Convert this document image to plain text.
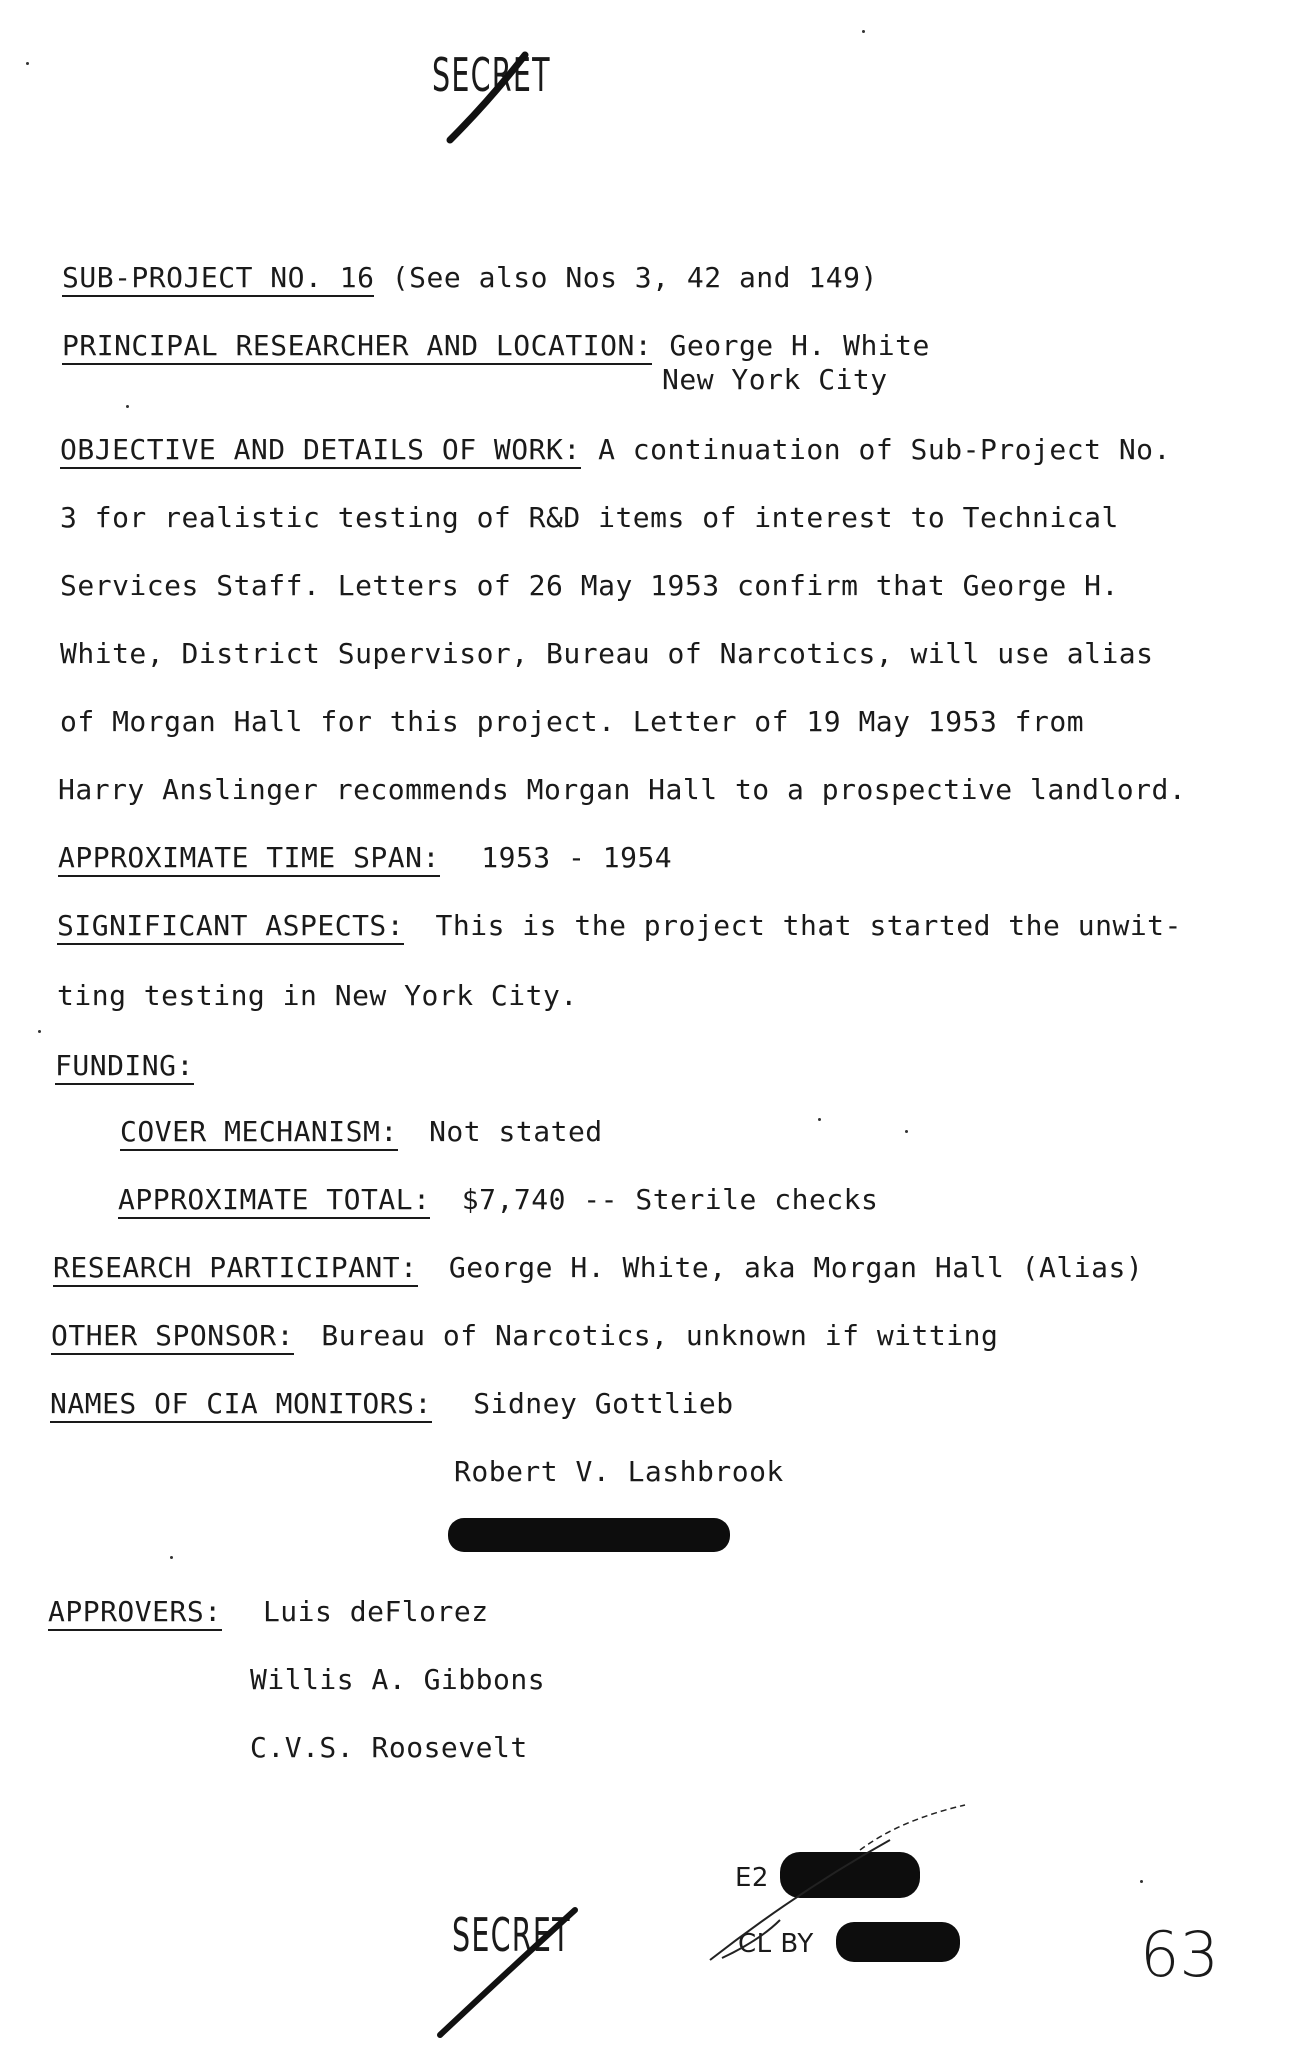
SECRET
SUB-PROJECT NO. 16 (See also Nos 3, 42 and 149)
PRINCIPAL RESEARCHER AND LOCATION: George H. White
New York City
OBJECTIVE AND DETAILS OF WORK: A continuation of Sub-Project No.
3 for realistic testing of R&D items of interest to Technical
Services Staff. Letters of 26 May 1953 confirm that George H.
White, District Supervisor, Bureau of Narcotics, will use alias
of Morgan Hall for this project. Letter of 19 May 1953 from
Harry Anslinger recommends Morgan Hall to a prospective landlord.
APPROXIMATE TIME SPAN: 1953 - 1954
SIGNIFICANT ASPECTS: This is the project that started the unwit-
ting testing in New York City.
FUNDING:
COVER MECHANISM: Not stated
APPROXIMATE TOTAL: $7,740 -- Sterile checks
RESEARCH PARTICIPANT: George H. White, aka Morgan Hall (Alias)
OTHER SPONSOR: Bureau of Narcotics, unknown if witting
NAMES OF CIA MONITORS: Sidney Gottlieb
Robert V. Lashbrook
APPROVERS: Luis deFlorez
Willis A. Gibbons
C.V.S. Roosevelt
E2
CL BY
SECRET	63
